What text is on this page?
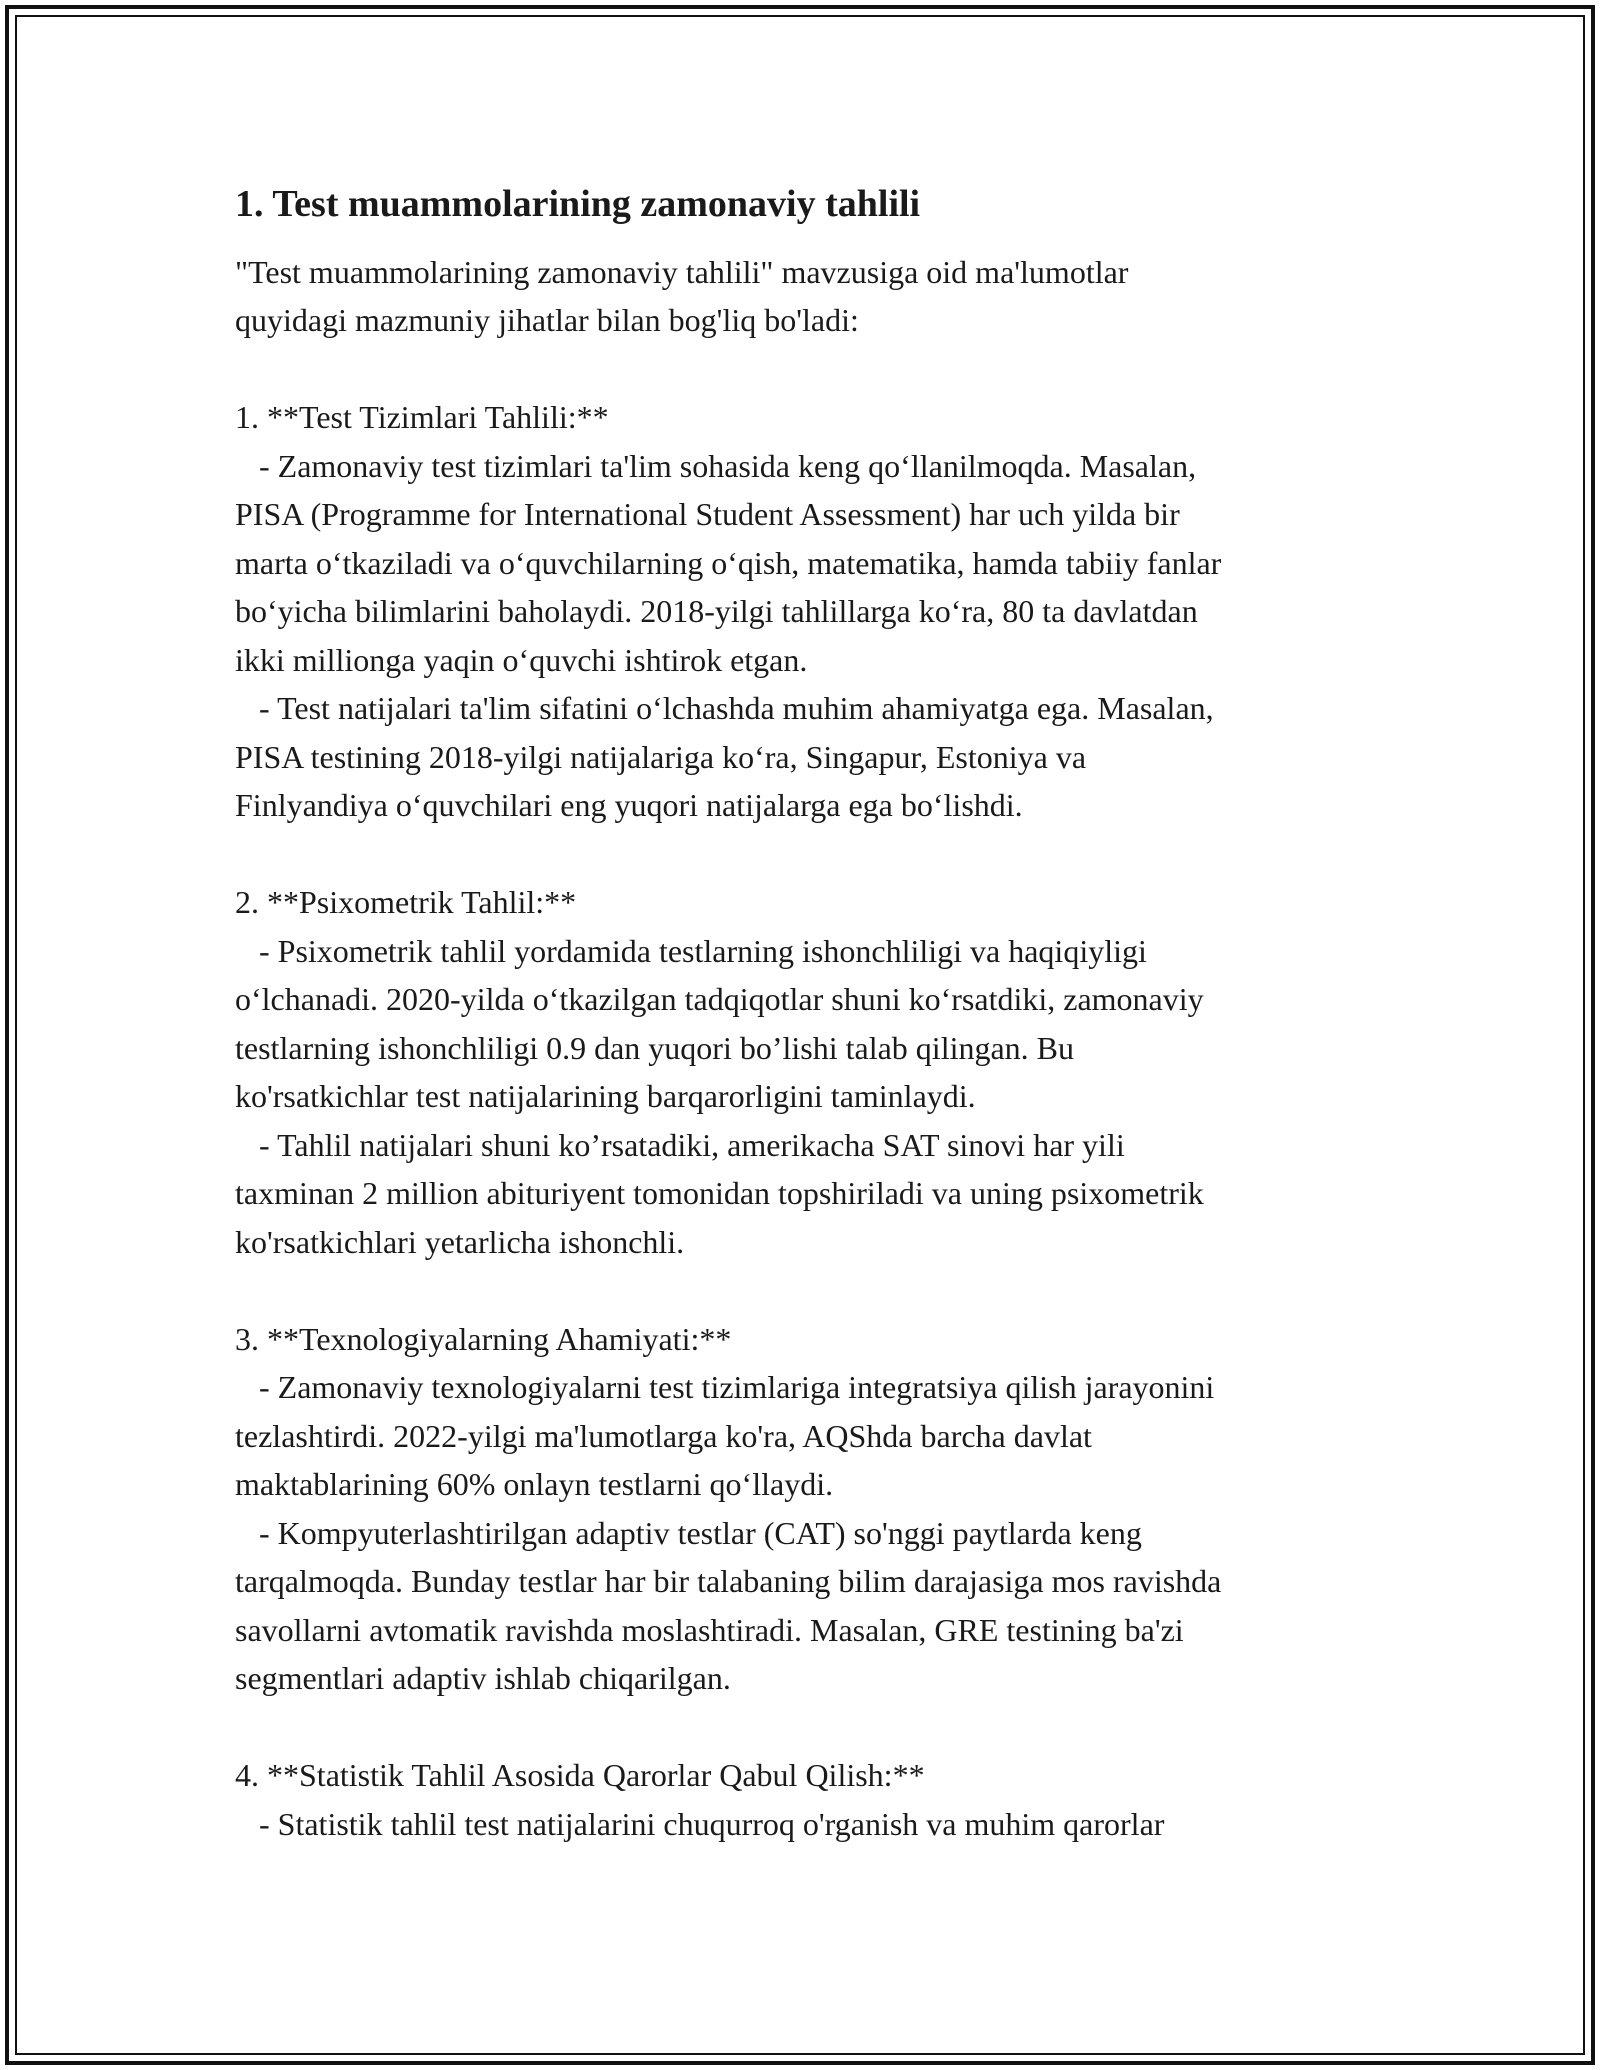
1. Test muammolarining zamonaviy tahlili

"Test muammolarining zamonaviy tahlili" mavzusiga oid ma'lumotlar
quyidagi mazmuniy jihatlar bilan bog'liq bo'ladi:

1. **Test Tizimlari Tahlili:**

- Zamonaviy test tizimlari ta'lim sohasida keng qo‘llanilmoqda. Masalan,
PISA (Programme for International Student Assessment) har uch yilda bir
marta o‘tkaziladi va o‘quvchilarning o‘qish, matematika, hamda tabiiy fanlar
bo‘yicha bilimlarini baholaydi. 2018-yilgi tahlillarga ko‘ra, 80 ta davlatdan
ikki millionga yaqin o‘quvchi ishtirok etgan.

- Test natijalari ta'lim sifatini o‘lchashda muhim ahamiyatga ega. Masalan,
PISA testining 2018-yilgi natijalariga ko‘ra, Singapur, Estoniya va
Finlyandiya o‘quvchilari eng yuqori natijalarga ega bo‘lishdi.

2. **Psixometrik Tahlil:**

- Psixometrik tahlil yordamida testlarning ishonchliligi va haqiqiyligi
o‘lchanadi. 2020-yilda o‘tkazilgan tadqiqotlar shuni ko‘rsatdiki, zamonaviy
testlarning ishonchliligi 0.9 dan yuqori bo’lishi talab qilingan. Bu
ko'rsatkichlar test natijalarining barqarorligini taminlaydi.

- Tahlil natijalari shuni ko’rsatadiki, amerikacha SAT sinovi har yili
taxminan 2 million abituriyent tomonidan topshiriladi va uning psixometrik
ko'rsatkichlari yetarlicha ishonchli.

3. **Texnologiyalarning Ahamiyati:**

- Zamonaviy texnologiyalarni test tizimlariga integratsiya qilish jarayonini
tezlashtirdi. 2022-yilgi ma'lumotlarga ko'ra, AQShda barcha davlat
maktablarining 60% onlayn testlarni qo‘llaydi.

- Kompyuterlashtirilgan adaptiv testlar (CAT) so'nggi paytlarda keng
tarqalmoqda. Bunday testlar har bir talabaning bilim darajasiga mos ravishda
savollarni avtomatik ravishda moslashtiradi. Masalan, GRE testining ba'zi
segmentlari adaptiv ishlab chiqarilgan.

4. **Statistik Tahlil Asosida Qarorlar Qabul Qilish:**

- Statistik tahlil test natijalarini chuqurroq o'rganish va muhim qarorlar
